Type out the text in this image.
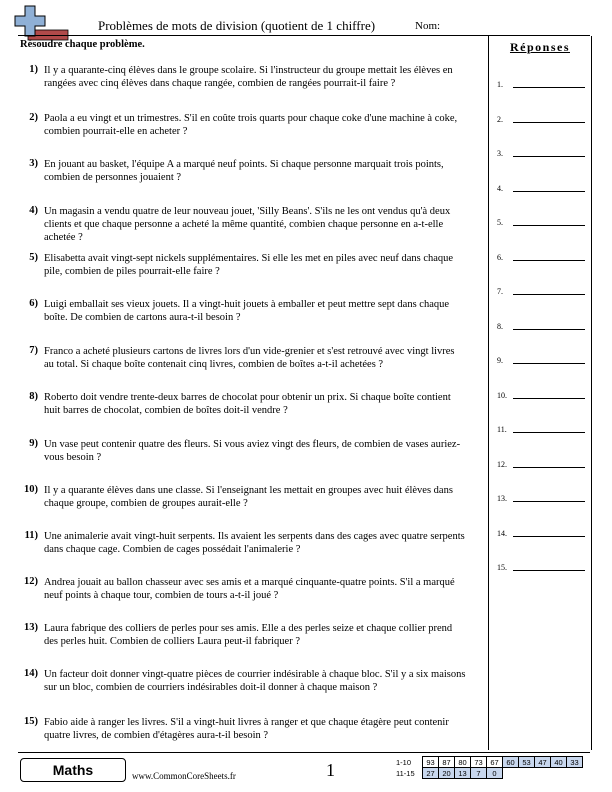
Problèmes de mots de division (quotient de 1 chiffre)	Nom:
Résoudre chaque problème.
1) Il y a quarante-cinq élèves dans le groupe scolaire. Si l'instructeur du groupe mettait les élèves en rangées avec cinq élèves dans chaque rangée, combien de rangées pourrait-il faire ?
2) Paola a eu vingt et un trimestres. S'il en coûte trois quarts pour chaque coke d'une machine à coke, combien pourrait-elle en acheter ?
3) En jouant au basket, l'équipe A a marqué neuf points. Si chaque personne marquait trois points, combien de personnes jouaient ?
4) Un magasin a vendu quatre de leur nouveau jouet, 'Silly Beans'. S'ils ne les ont vendus qu'à deux clients et que chaque personne a acheté la même quantité, combien chaque personne en a-t-elle achetée ?
5) Elisabetta avait vingt-sept nickels supplémentaires. Si elle les met en piles avec neuf dans chaque pile, combien de piles pourrait-elle faire ?
6) Luigi emballait ses vieux jouets. Il a vingt-huit jouets à emballer et peut mettre sept dans chaque boîte. De combien de cartons aura-t-il besoin ?
7) Franco a acheté plusieurs cartons de livres lors d'un vide-grenier et s'est retrouvé avec vingt livres au total. Si chaque boîte contenait cinq livres, combien de boîtes a-t-il achetées ?
8) Roberto doit vendre trente-deux barres de chocolat pour obtenir un prix. Si chaque boîte contient huit barres de chocolat, combien de boîtes doit-il vendre ?
9) Un vase peut contenir quatre des fleurs. Si vous aviez vingt des fleurs, de combien de vases auriez-vous besoin ?
10) Il y a quarante élèves dans une classe. Si l'enseignant les mettait en groupes avec huit élèves dans chaque groupe, combien de groupes aurait-elle ?
11) Une animalerie avait vingt-huit serpents. Ils avaient les serpents dans des cages avec quatre serpents dans chaque cage. Combien de cages possédait l'animalerie ?
12) Andrea jouait au ballon chasseur avec ses amis et a marqué cinquante-quatre points. S'il a marqué neuf points à chaque tour, combien de tours a-t-il joué ?
13) Laura fabrique des colliers de perles pour ses amis. Elle a des perles seize et chaque collier prend des perles huit. Combien de colliers Laura peut-il fabriquer ?
14) Un facteur doit donner vingt-quatre pièces de courrier indésirable à chaque bloc. S'il y a six maisons sur un bloc, combien de courriers indésirables doit-il donner à chaque maison ?
15) Fabio aide à ranger les livres. S'il a vingt-huit livres à ranger et que chaque étagère peut contenir quatre livres, de combien d'étagères aura-t-il besoin ?
Réponses
1.
2.
3.
4.
5.
6.
7.
8.
9.
10.
11.
12.
13.
14.
15.
Maths	www.CommonCoreSheets.fr	1	1-10	93	87	80	73	67	60	53	47	40	33
11-15	27	20	13	7	0					
